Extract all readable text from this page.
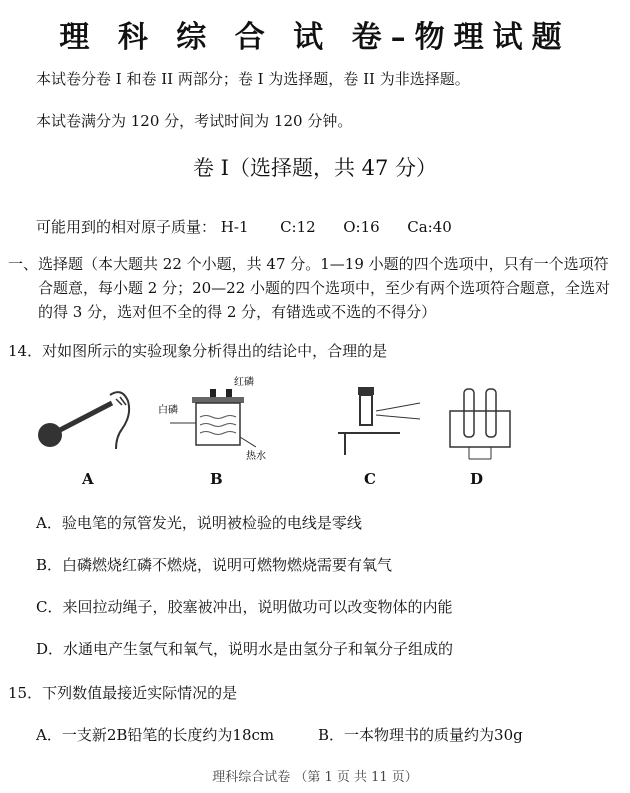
理 科 综 合 试 卷–物理试题
本试卷分卷 I 和卷 II 两部分；卷 I 为选择题，卷 II 为非选择题。
本试卷满分为 120 分，考试时间为 120 分钟。
卷 I（选择题，共 47 分）
可能用到的相对原子质量： H-1 C:12 O:16 Ca:40
一、 选择题（本大题共 22 个小题，共 47 分。1—19 小题的四个选项中，只有一个选项符合题意，每小题 2 分；20—22 小题的四个选项中，至少有两个选项符合题意，全选对的得 3 分，选对但不全的得 2 分，有错选或不选的不得分）
14．对如图所示的实验现象分析得出的结论中，合理的是
白磷
红磷
热水
A	B	C	D
A．验电笔的氖管发光，说明被检验的电线是零线
B．白磷燃烧红磷不燃烧，说明可燃物燃烧需要有氧气
C．来回拉动绳子，胶塞被冲出，说明做功可以改变物体的内能
D．水通电产生氢气和氧气，说明水是由氢分子和氧分子组成的
15．下列数值最接近实际情况的是
A．一支新2B铅笔的长度约为18cm	B．一本物理书的质量约为30g
理科综合试卷 （第 1 页 共 11 页）
